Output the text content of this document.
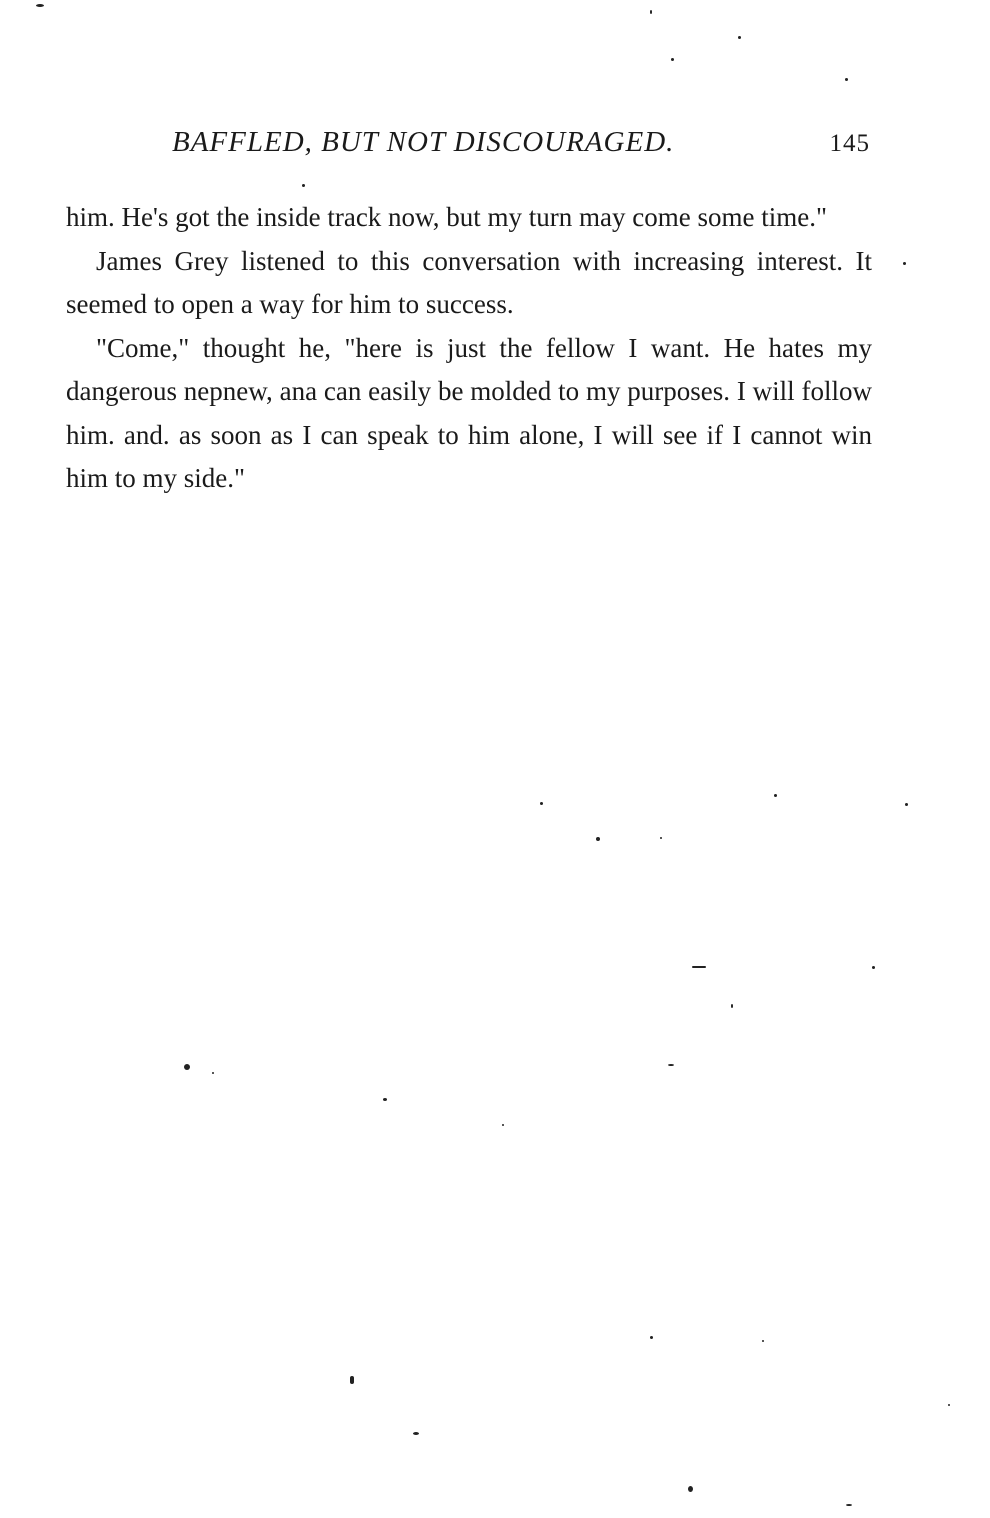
BAFFLED, BUT NOT DISCOURAGED.	145

him. He's got the inside track now, but my turn may come some time."

James Grey listened to this conversation with increasing interest. It seemed to open a way for him to success.

"Come," thought he, "here is just the fellow I want. He hates my dangerous nepnew, ana can easily be molded to my purposes. I will follow him. and. as soon as I can speak to him alone, I will see if I cannot win him to my side."
